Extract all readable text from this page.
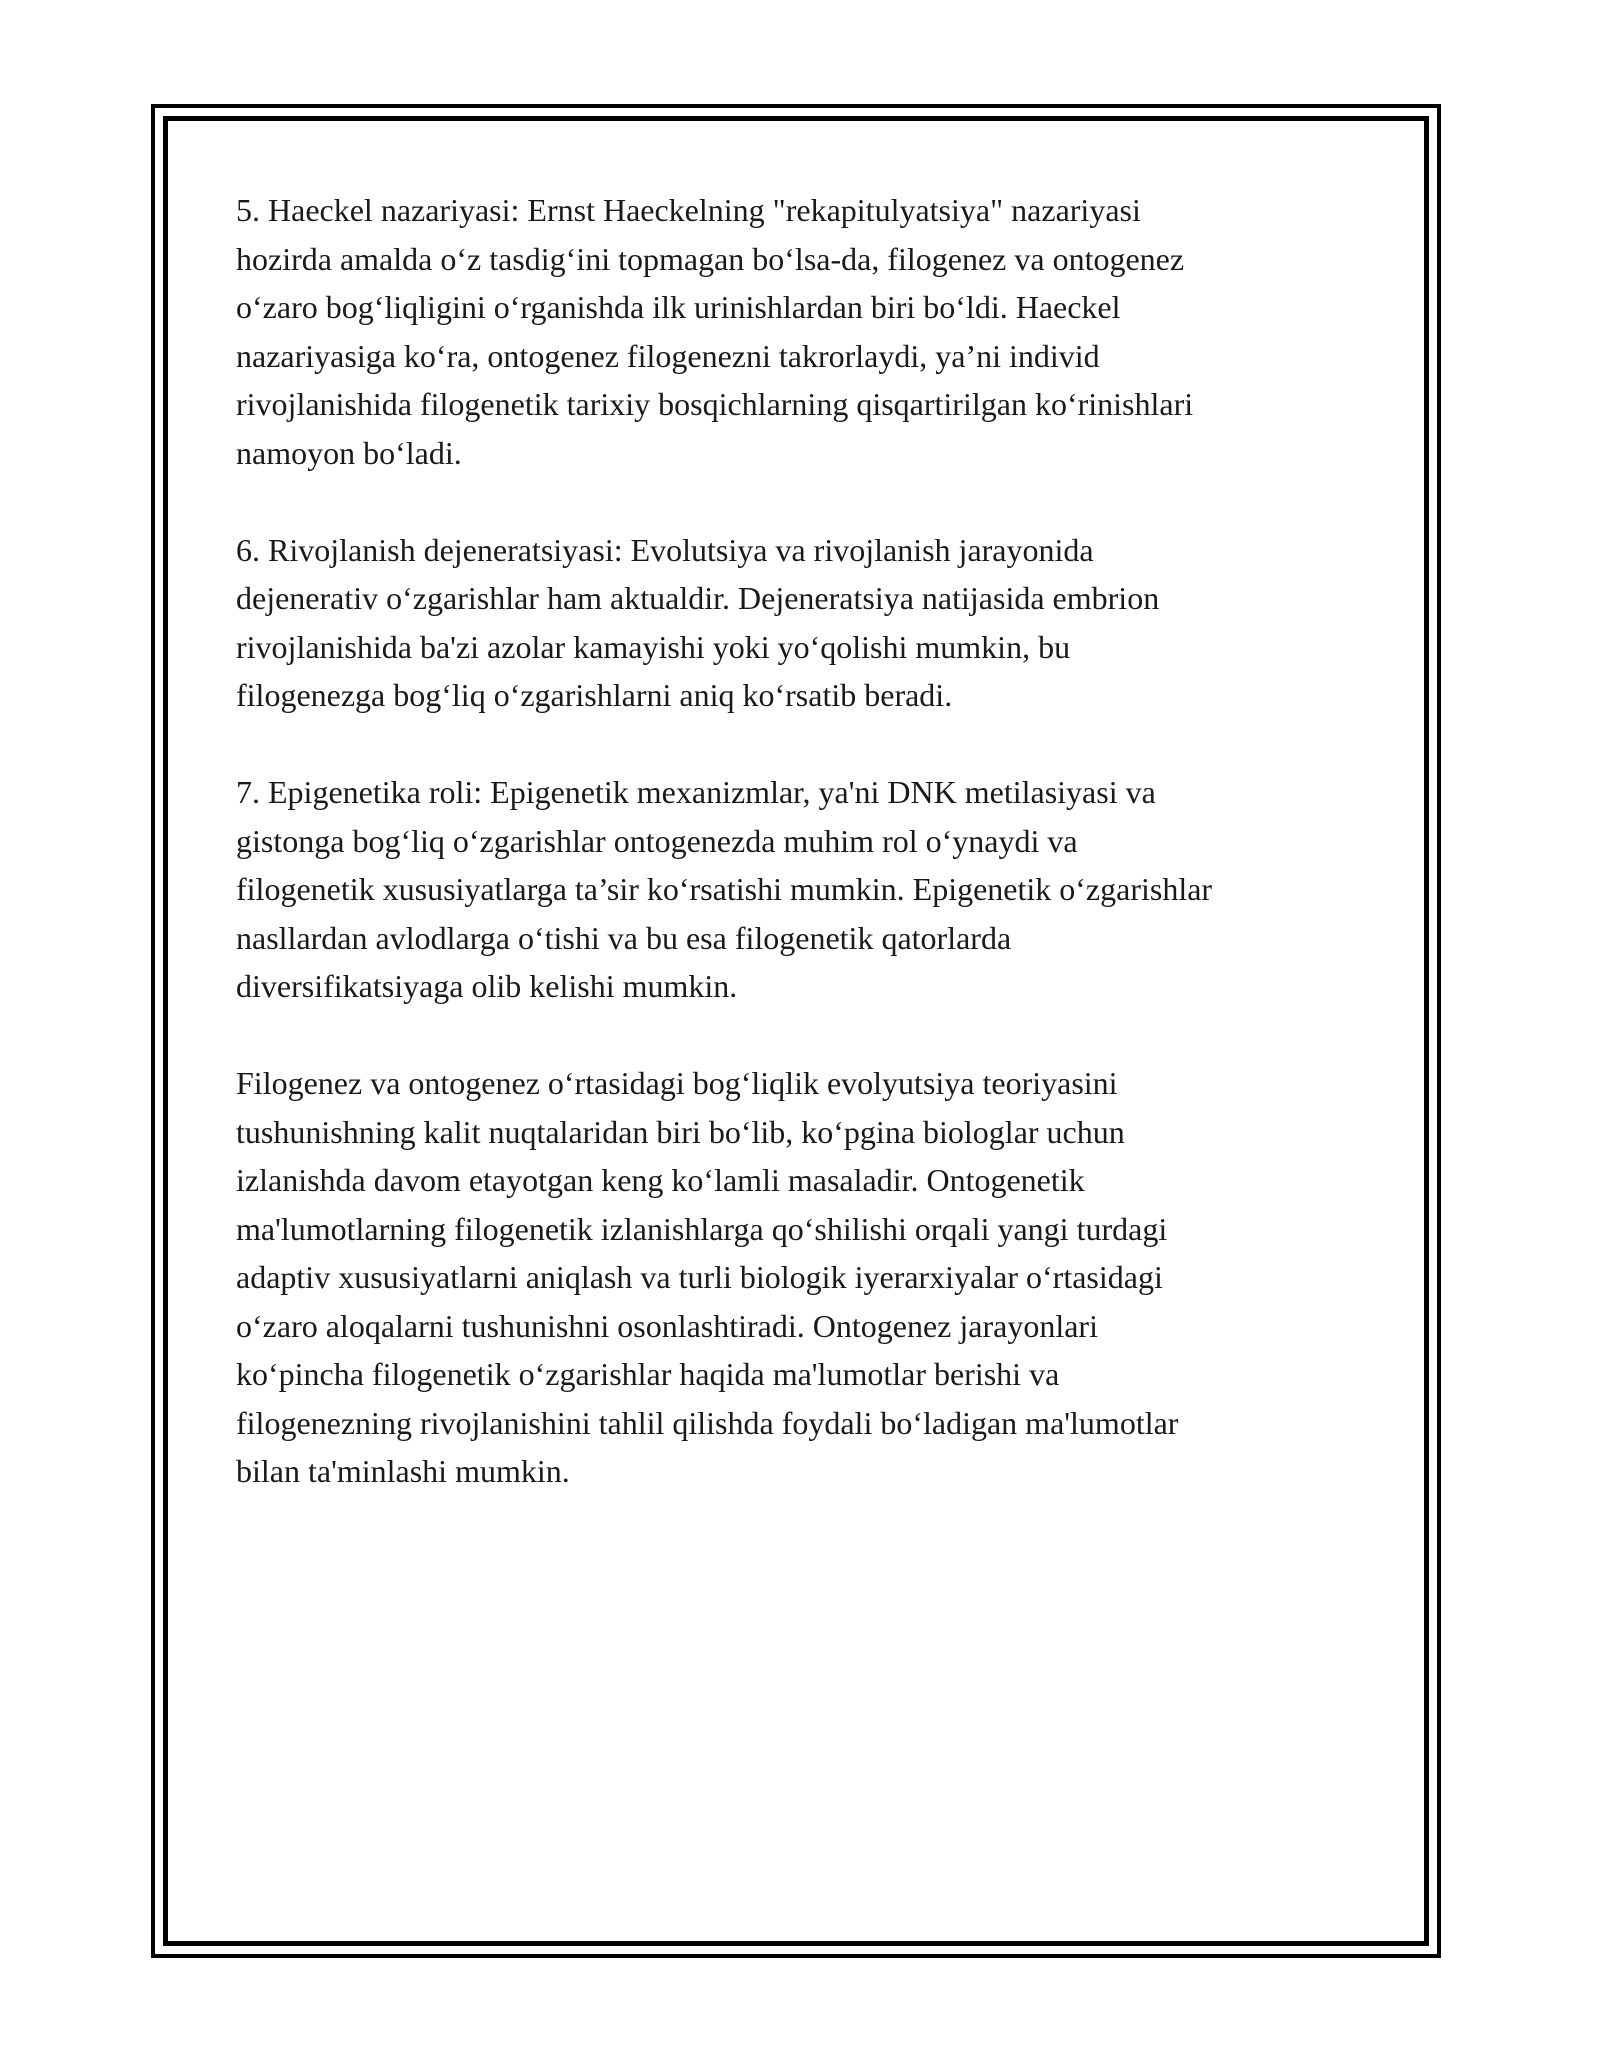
5. Haeckel nazariyasi: Ernst Haeckelning "rekapitulyatsiya" nazariyasi
hozirda amalda o‘z tasdig‘ini topmagan bo‘lsa-da, filogenez va ontogenez
o‘zaro bog‘liqligini o‘rganishda ilk urinishlardan biri bo‘ldi. Haeckel
nazariyasiga ko‘ra, ontogenez filogenezni takrorlaydi, ya’ni individ
rivojlanishida filogenetik tarixiy bosqichlarning qisqartirilgan ko‘rinishlari
namoyon bo‘ladi.

6. Rivojlanish dejeneratsiyasi: Evolutsiya va rivojlanish jarayonida
dejenerativ o‘zgarishlar ham aktualdir. Dejeneratsiya natijasida embrion
rivojlanishida ba'zi azolar kamayishi yoki yo‘qolishi mumkin, bu
filogenezga bog‘liq o‘zgarishlarni aniq ko‘rsatib beradi.

7. Epigenetika roli: Epigenetik mexanizmlar, ya'ni DNK metilasiyasi va
gistonga bog‘liq o‘zgarishlar ontogenezda muhim rol o‘ynaydi va
filogenetik xususiyatlarga ta’sir ko‘rsatishi mumkin. Epigenetik o‘zgarishlar
nasllardan avlodlarga o‘tishi va bu esa filogenetik qatorlarda
diversifikatsiyaga olib kelishi mumkin.

Filogenez va ontogenez o‘rtasidagi bog‘liqlik evolyutsiya teoriyasini
tushunishning kalit nuqtalaridan biri bo‘lib, ko‘pgina biologlar uchun
izlanishda davom etayotgan keng ko‘lamli masaladir. Ontogenetik
ma'lumotlarning filogenetik izlanishlarga qo‘shilishi orqali yangi turdagi
adaptiv xususiyatlarni aniqlash va turli biologik iyerarxiyalar o‘rtasidagi
o‘zaro aloqalarni tushunishni osonlashtiradi. Ontogenez jarayonlari
ko‘pincha filogenetik o‘zgarishlar haqida ma'lumotlar berishi va
filogenezning rivojlanishini tahlil qilishda foydali bo‘ladigan ma'lumotlar
bilan ta'minlashi mumkin.
